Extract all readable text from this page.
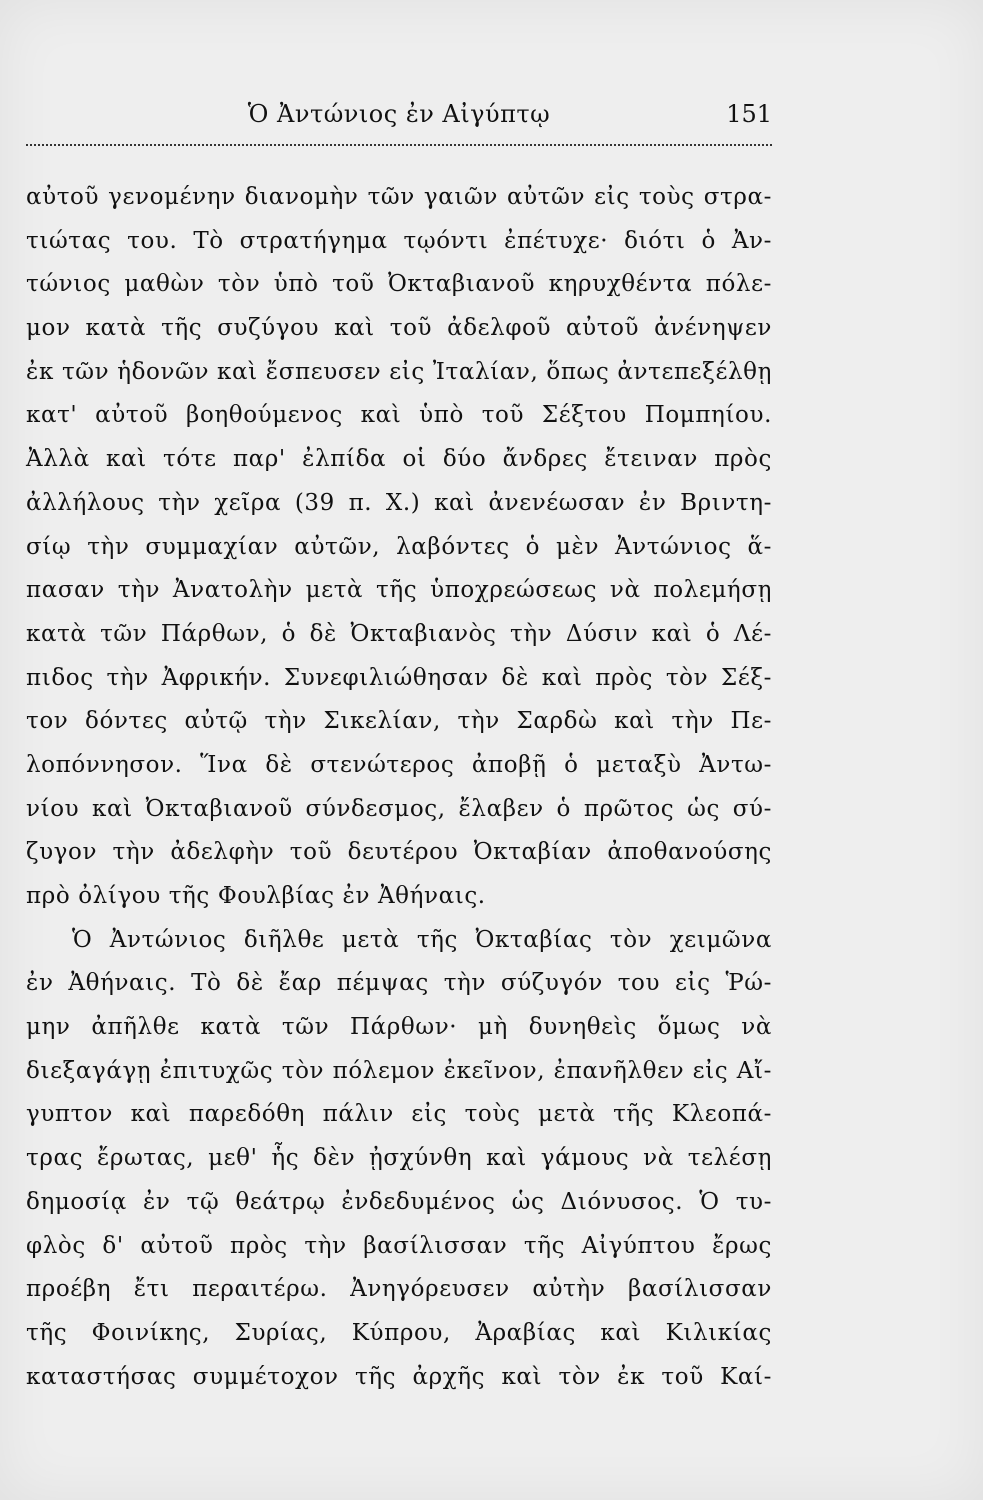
Ὁ Ἀντώνιος ἐν Αἰγύπτῳ	151
αὐτοῦ γενομένην διανομὴν τῶν γαιῶν αὐτῶν εἰς τοὺς στρα-
τιώτας του. Τὸ στρατήγημα τῳόντι ἐπέτυχε· διότι ὁ Ἀν-
τώνιος μαθὼν τὸν ὑπὸ τοῦ Ὀκταβιανοῦ κηρυχθέντα πόλε-
μον κατὰ τῆς συζύγου καὶ τοῦ ἀδελφοῦ αὐτοῦ ἀνένηψεν
ἐκ τῶν ἡδονῶν καὶ ἔσπευσεν εἰς Ἰταλίαν, ὅπως ἀντεπεξέλθῃ
κατ' αὐτοῦ βοηθούμενος καὶ ὑπὸ τοῦ Σέξτου Πομπηίου.
Ἀλλὰ καὶ τότε παρ' ἐλπίδα οἱ δύο ἄνδρες ἔτειναν πρὸς
ἀλλήλους τὴν χεῖρα (39 π. Χ.) καὶ ἀνενέωσαν ἐν Βριντη-
σίῳ τὴν συμμαχίαν αὐτῶν, λαβόντες ὁ μὲν Ἀντώνιος ἅ-
πασαν τὴν Ἀνατολὴν μετὰ τῆς ὑποχρεώσεως νὰ πολεμήσῃ
κατὰ τῶν Πάρθων, ὁ δὲ Ὀκταβιανὸς τὴν Δύσιν καὶ ὁ Λέ-
πιδος τὴν Ἀφρικήν. Συνεφιλιώθησαν δὲ καὶ πρὸς τὸν Σέξ-
τον δόντες αὐτῷ τὴν Σικελίαν, τὴν Σαρδὼ καὶ τὴν Πε-
λοπόννησον. Ἵνα δὲ στενώτερος ἀποβῇ ὁ μεταξὺ Ἀντω-
νίου καὶ Ὀκταβιανοῦ σύνδεσμος, ἔλαβεν ὁ πρῶτος ὡς σύ-
ζυγον τὴν ἀδελφὴν τοῦ δευτέρου Ὀκταβίαν ἀποθανούσης
πρὸ ὀλίγου τῆς Φουλβίας ἐν Ἀθήναις.
Ὁ Ἀντώνιος διῆλθε μετὰ τῆς Ὀκταβίας τὸν χειμῶνα
ἐν Ἀθήναις. Τὸ δὲ ἔαρ πέμψας τὴν σύζυγόν του εἰς Ῥώ-
μην ἀπῆλθε κατὰ τῶν Πάρθων· μὴ δυνηθεὶς ὅμως νὰ
διεξαγάγῃ ἐπιτυχῶς τὸν πόλεμον ἐκεῖνον, ἐπανῆλθεν εἰς Αἴ-
γυπτον καὶ παρεδόθη πάλιν εἰς τοὺς μετὰ τῆς Κλεοπά-
τρας ἔρωτας, μεθ' ἧς δὲν ᾐσχύνθη καὶ γάμους νὰ τελέσῃ
δημοσίᾳ ἐν τῷ θεάτρῳ ἐνδεδυμένος ὡς Διόνυσος. Ὁ τυ-
φλὸς δ' αὐτοῦ πρὸς τὴν βασίλισσαν τῆς Αἰγύπτου ἔρως
προέβη ἔτι περαιτέρω. Ἀνηγόρευσεν αὐτὴν βασίλισσαν
τῆς Φοινίκης, Συρίας, Κύπρου, Ἀραβίας καὶ Κιλικίας
καταστήσας συμμέτοχον τῆς ἀρχῆς καὶ τὸν ἐκ τοῦ Καί-
